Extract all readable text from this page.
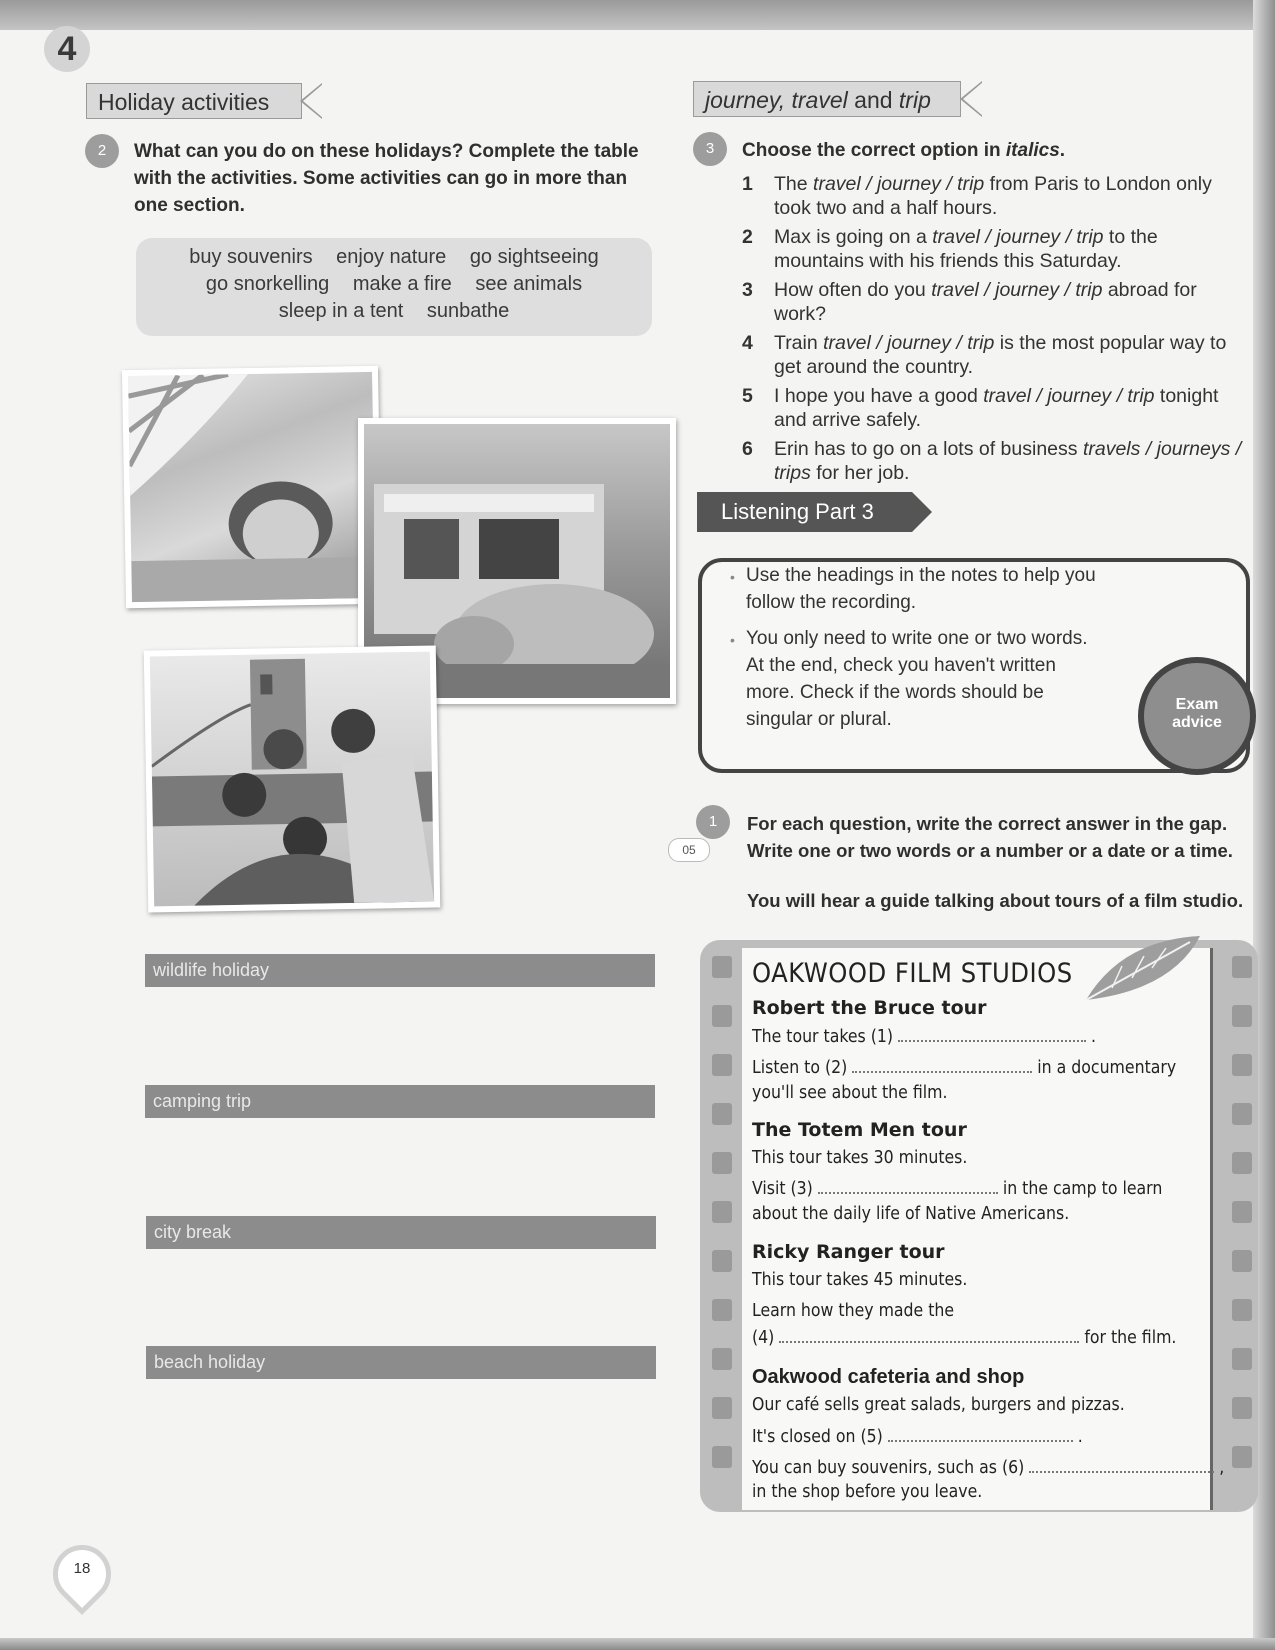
4
Holiday activities
2	What can you do on these holidays? Complete the table
with the activities. Some activities can go in more than
one section.
buy souvenirs enjoy nature go sightseeing
go snorkelling make a fire see animals
sleep in a tent sunbathe
wildlife holiday
camping trip
city break
beach holiday
journey, travel and trip
3	Choose the correct option in italics.
1 The travel / journey / trip from Paris to London only took two and a half hours.
2 Max is going on a travel / journey / trip to the mountains with his friends this Saturday.
3 How often do you travel / journey / trip abroad for work?
4 Train travel / journey / trip is the most popular way to get around the country.
5 I hope you have a good travel / journey / trip tonight and arrive safely.
6 Erin has to go on a lots of business travels / journeys / trips for her job.
Listening Part 3
• Use the headings in the notes to help you
follow the recording.
• You only need to write one or two words.
At the end, check you haven't written
more. Check if the words should be
singular or plural.
Exam
advice
1
05
For each question, write the correct answer in the gap.
Write one or two words or a number or a date or a time.
You will hear a guide talking about tours of a film studio.
OAKWOOD FILM STUDIOS
Robert the Bruce tour
The tour takes (1)	.
Listen to (2)	in a documentary
you'll see about the film.
The Totem Men tour
This tour takes 30 minutes.
Visit (3)	in the camp to learn
about the daily life of Native Americans.
Ricky Ranger tour
This tour takes 45 minutes.
Learn how they made the
(4)	for the film.
Oakwood cafeteria and shop
Our café sells great salads, burgers and pizzas.
It's closed on (5)	.
You can buy souvenirs, such as (6)	,
in the shop before you leave.
18
